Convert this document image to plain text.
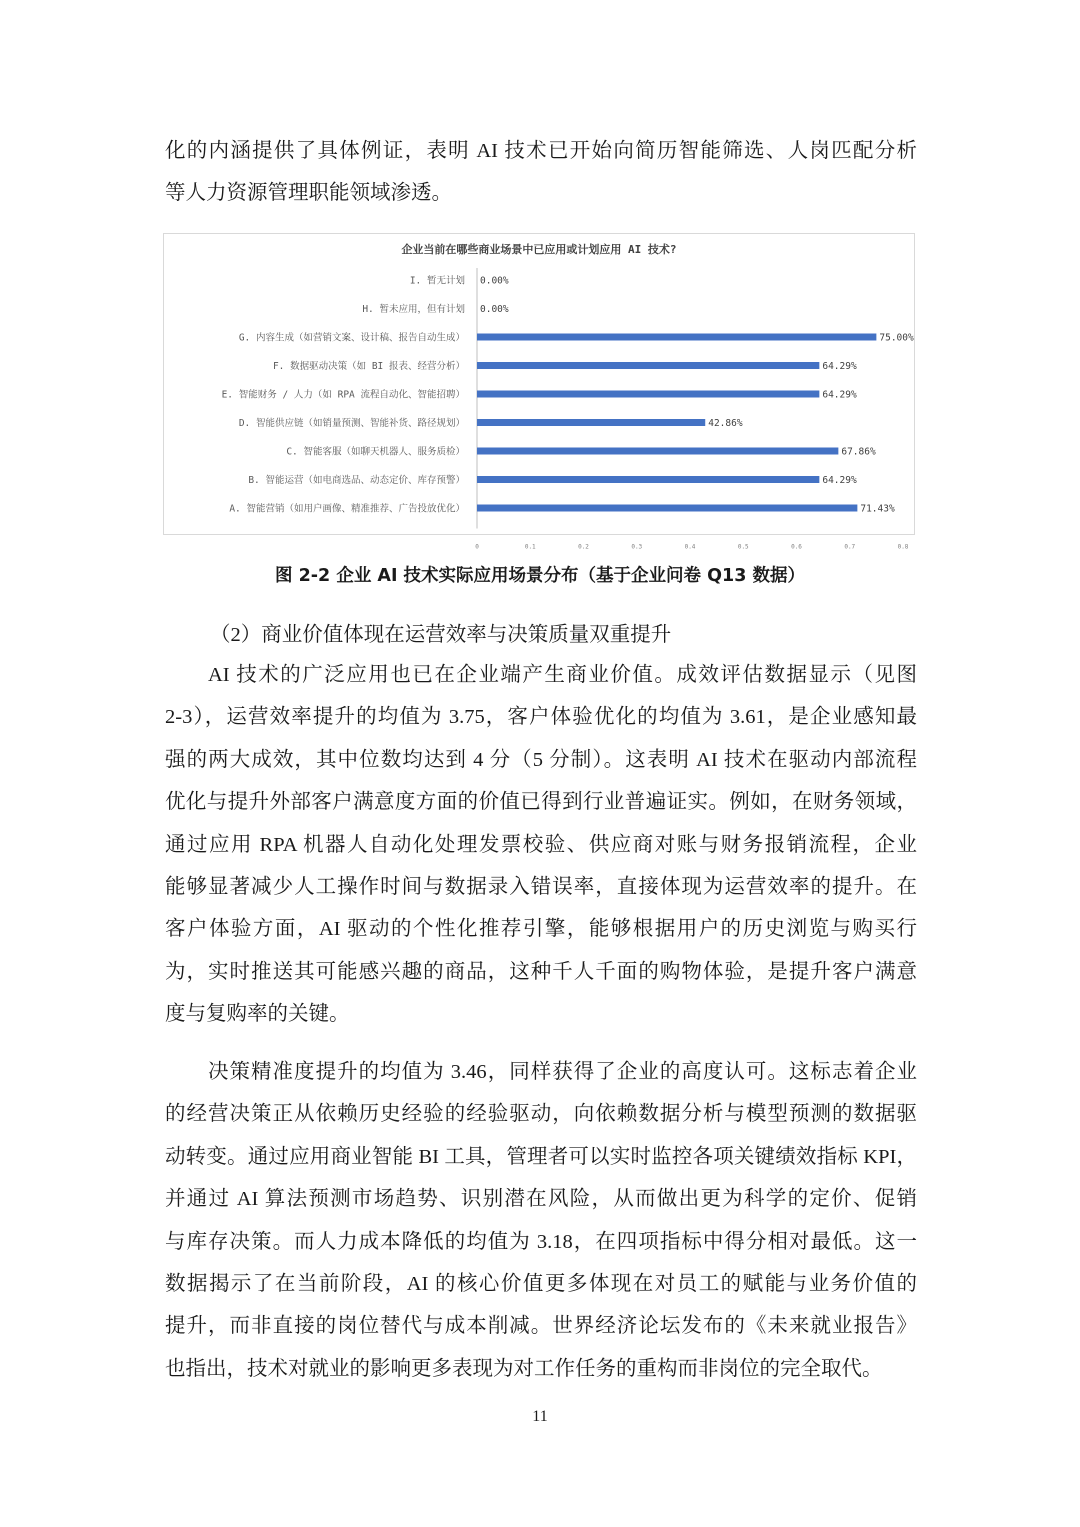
化的内涵提供了具体例证，表明 AI 技术已开始向简历智能筛选、人岗匹配分析
等人力资源管理职能领域渗透。
企业当前在哪些商业场景中已应用或计划应用 AI 技术?
I. 暂无计划 0.00%
H. 暂未应用，但有计划 0.00%
G. 内容生成（如营销文案、设计稿、报告自动生成）	75.00%
F. 数据驱动决策（如 BI 报表、经营分析）	64.29%
E. 智能财务 / 人力（如 RPA 流程自动化、智能招聘）	64.29%
D. 智能供应链（如销量预测、智能补货、路径规划）	42.86%
C. 智能客服（如聊天机器人、服务质检）	67.86%
B. 智能运营（如电商选品、动态定价、库存预警）	64.29%
A. 智能营销（如用户画像、精准推荐、广告投放优化）	71.43%
0	0.1	0.2	0.3	0.4	0.5	0.6	0.7	0.8
图 2-2 企业 AI 技术实际应用场景分布（基于企业问卷 Q13 数据）
（2）商业价值体现在运营效率与决策质量双重提升
AI 技术的广泛应用也已在企业端产生商业价值。成效评估数据显示（见图
2-3），运营效率提升的均值为 3.75，客户体验优化的均值为 3.61，是企业感知最
强的两大成效，其中位数均达到 4 分（5 分制）。这表明 AI 技术在驱动内部流程
优化与提升外部客户满意度方面的价值已得到行业普遍证实。例如，在财务领域，
通过应用 RPA 机器人自动化处理发票校验、供应商对账与财务报销流程，企业
能够显著减少人工操作时间与数据录入错误率，直接体现为运营效率的提升。在
客户体验方面，AI 驱动的个性化推荐引擎，能够根据用户的历史浏览与购买行
为，实时推送其可能感兴趣的商品，这种千人千面的购物体验，是提升客户满意
度与复购率的关键。
决策精准度提升的均值为 3.46，同样获得了企业的高度认可。这标志着企业
的经营决策正从依赖历史经验的经验驱动，向依赖数据分析与模型预测的数据驱
动转变。通过应用商业智能 BI 工具，管理者可以实时监控各项关键绩效指标 KPI，
并通过 AI 算法预测市场趋势、识别潜在风险，从而做出更为科学的定价、促销
与库存决策。而人力成本降低的均值为 3.18，在四项指标中得分相对最低。这一
数据揭示了在当前阶段，AI 的核心价值更多体现在对员工的赋能与业务价值的
提升，而非直接的岗位替代与成本削减。世界经济论坛发布的《未来就业报告》
也指出，技术对就业的影响更多表现为对工作任务的重构而非岗位的完全取代。
11
